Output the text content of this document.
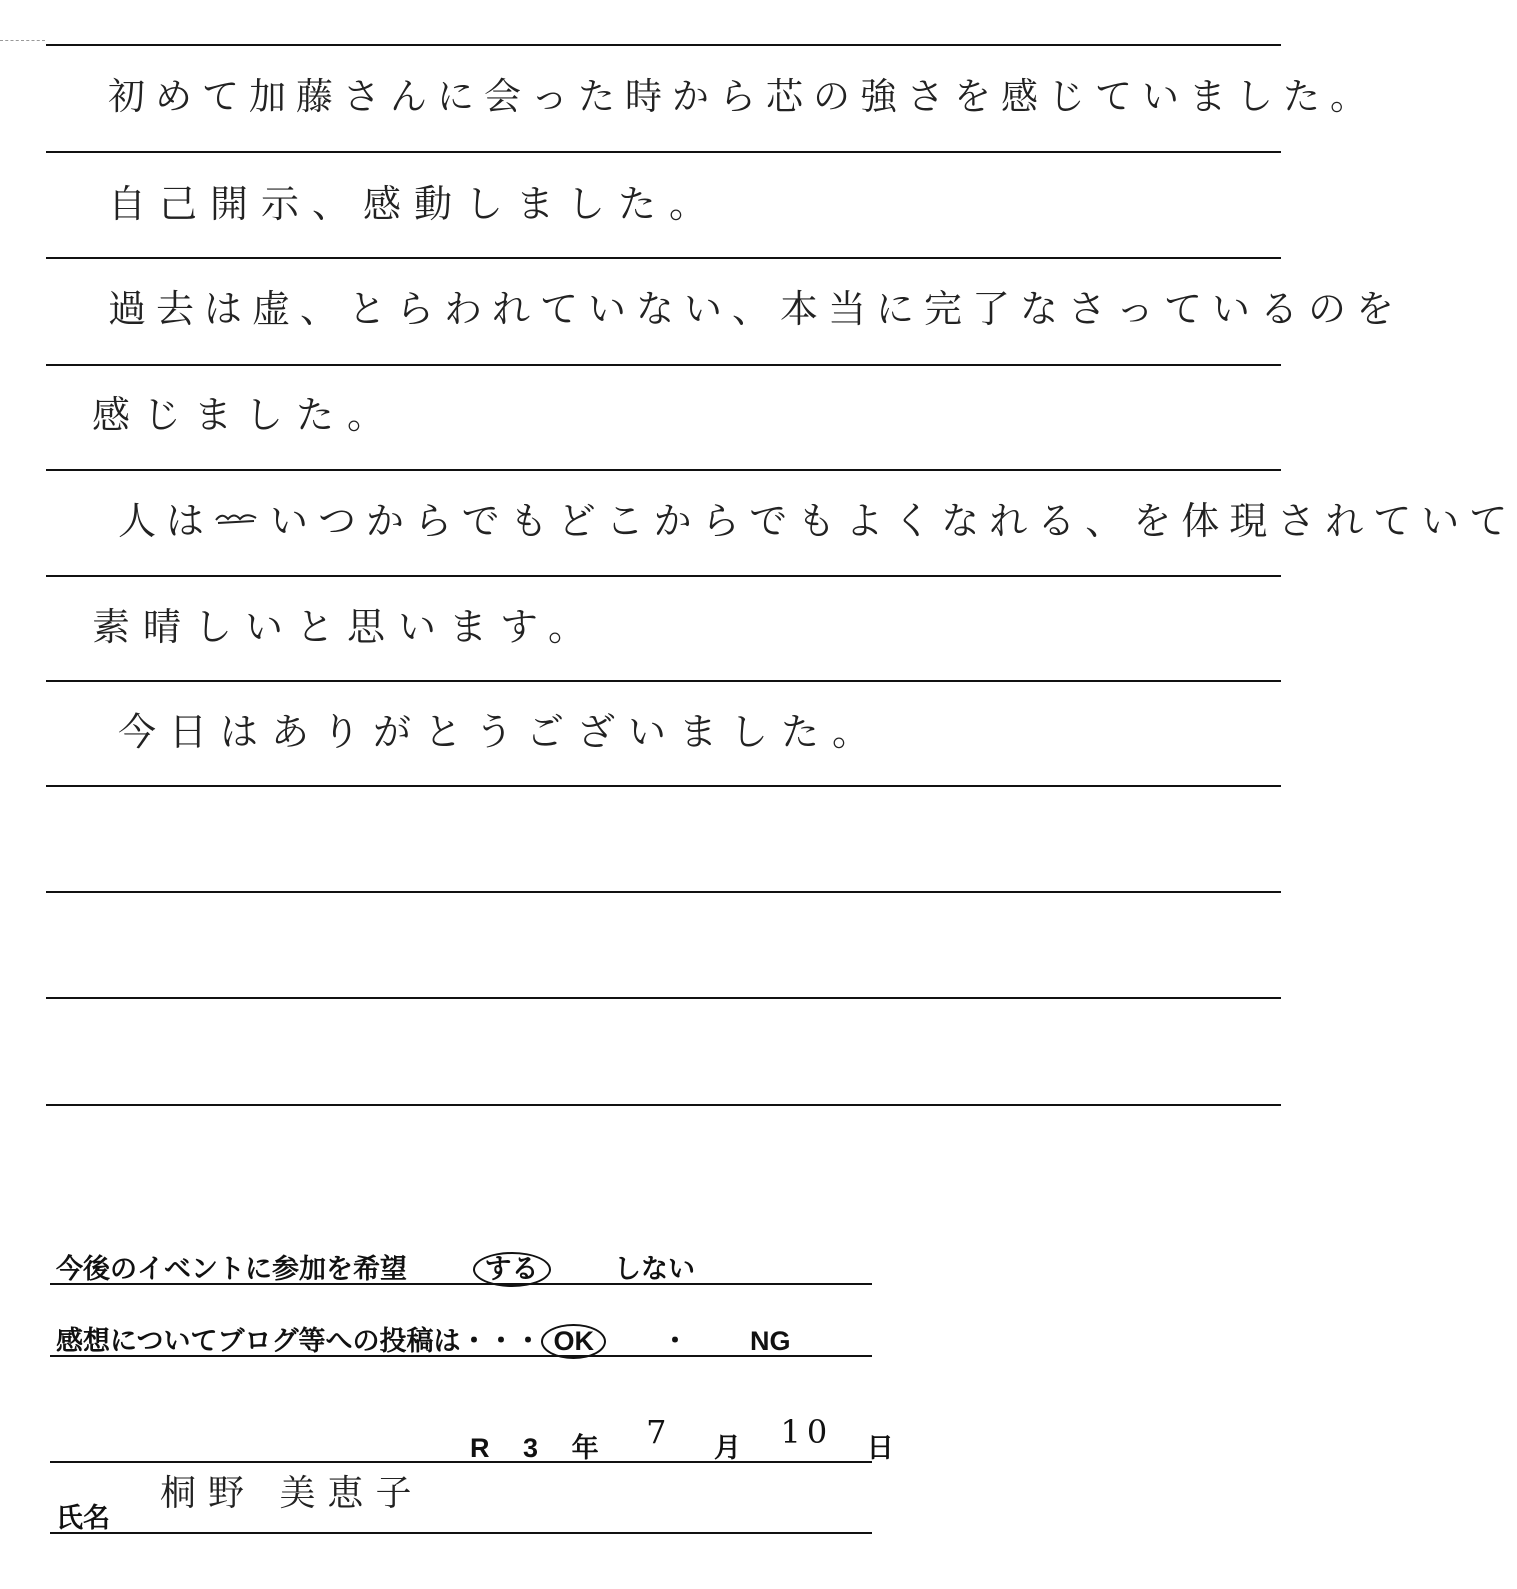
初めて加藤さんに会った時から芯の強さを感じていました。
自己開示、感動しました。
過去は虚、とらわれていない、本当に完了なさっているのを
感じました。
人は いつからでもどこからでもよくなれる、を体現されていて
素晴しいと思います。
今日はありがとうございました。
今後のイベントに参加を希望	する	しない
感想についてブログ等への投稿は・・・ OK	・ NG
R 3 年 7 月 10 日
氏名
桐野 美恵子
